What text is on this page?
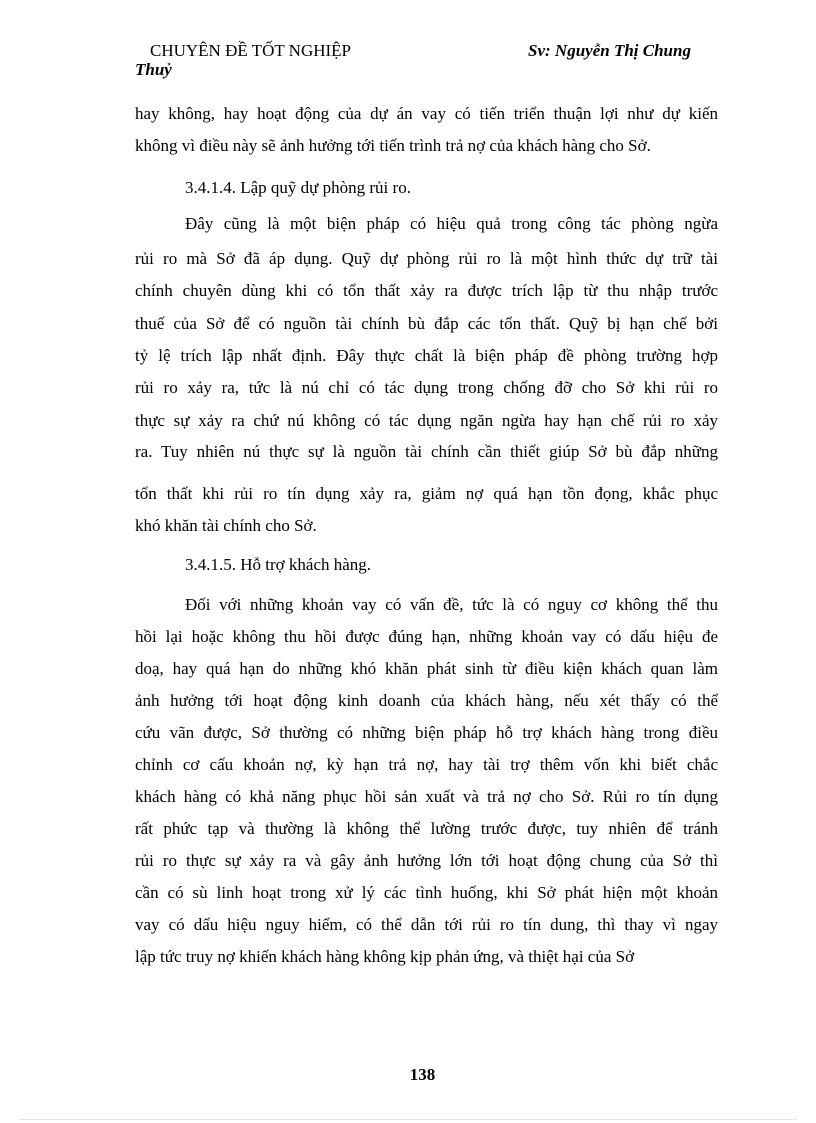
CHUYÊN ĐỀ TỐT NGHIỆP	Sv: Nguyễn Thị Chung
Thuỷ
hay không, hay hoạt động của dự án vay có tiến triển thuận lợi như dự kiến
không vì điều này sẽ ảnh hưởng tới tiến trình trả nợ của khách hàng cho Sở.
3.4.1.4. Lập quỹ dự phòng rủi ro.
Đây cũng là một biện pháp có hiệu quả trong công tác phòng ngừa
rủi ro mà Sở đã áp dụng. Quỹ dự phòng rủi ro là một hình thức dự trữ tài
chính chuyên dùng khi có tổn thất xảy ra được trích lập từ thu nhập trước
thuế của Sở để có nguồn tài chính bù đắp các tổn thất. Quỹ bị hạn chế bởi
tỷ lệ trích lập nhất định. Đây thực chất là biện pháp đề phòng trường hợp
rủi ro xảy ra, tức là nú chỉ có tác dụng trong chống đỡ cho Sở khi rủi ro
thực sự xảy ra chứ nú không có tác dụng ngăn ngừa hay hạn chế rủi ro xảy
ra. Tuy nhiên nú thực sự là nguồn tài chính cần thiết giúp Sở bù đắp những
tổn thất khi rủi ro tín dụng xảy ra, giảm nợ quá hạn tồn đọng, khắc phục
khó khăn tài chính cho Sở.
3.4.1.5. Hỗ trợ khách hàng.
Đối với những khoản vay có vấn đề, tức là có nguy cơ không thể thu
hồi lại hoặc không thu hồi được đúng hạn, những khoản vay có dấu hiệu đe
doạ, hay quá hạn do những khó khăn phát sinh từ điều kiện khách quan làm
ảnh hưởng tới hoạt động kinh doanh của khách hàng, nếu xét thấy có thể
cứu vãn được, Sở thường có những biện pháp hỗ trợ khách hàng trong điều
chỉnh cơ cấu khoản nợ, kỳ hạn trả nợ, hay tài trợ thêm vốn khi biết chắc
khách hàng có khả năng phục hồi sản xuất và trả nợ cho Sở. Rủi ro tín dụng
rất phức tạp và thường là không thể lường trước được, tuy nhiên để tránh
rủi ro thực sự xảy ra và gây ảnh hưởng lớn tới hoạt động chung của Sở thì
cần có sù linh hoạt trong xử lý các tình huống, khi Sở phát hiện một khoản
vay có dấu hiệu nguy hiểm, có thể dẫn tới rủi ro tín dung, thì thay vì ngay
lập tức truy nợ khiến khách hàng không kịp phản ứng, và thiệt hại của Sở
138
